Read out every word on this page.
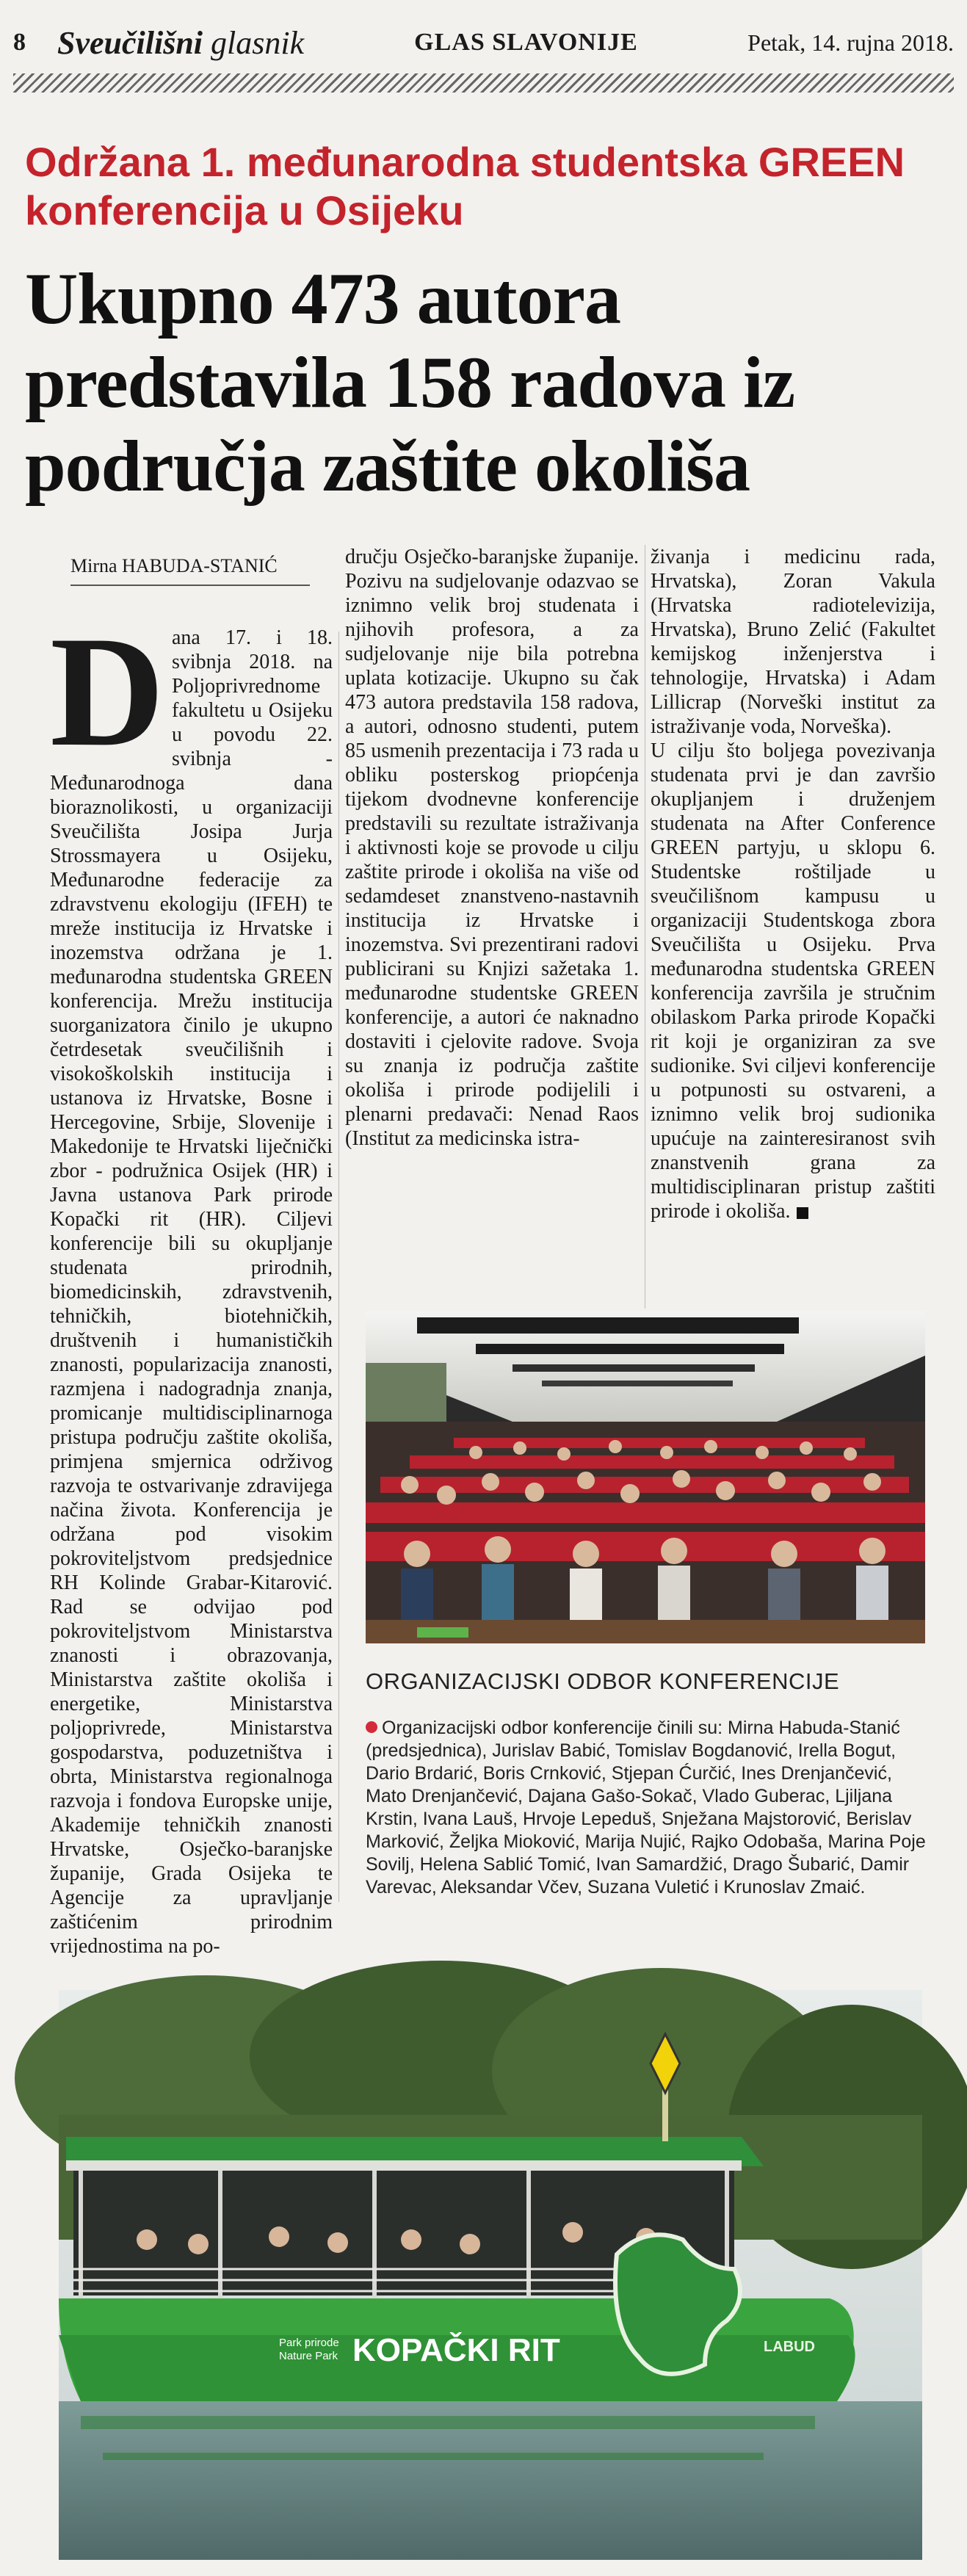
8 Sveučilišni glasnik	GLAS SLAVONIJE	Petak, 14. rujna 2018.
Održana 1. međunarodna studentska GREEN konferencija u Osijeku
Ukupno 473 autora predstavila 158 radova iz područja zaštite okoliša
Mirna HABUDA-STANIĆ

Dana 17. i 18. svibnja 2018. na Poljoprivrednome fakultetu u Osijeku u povodu 22. svibnja - Međunarodnoga dana bioraznolikosti, u organizaciji Sveučilišta Josipa Jurja Strossmayera u Osijeku, Međunarodne federacije za zdravstvenu ekologiju (IFEH) te mreže institucija iz Hrvatske i inozemstva održana je 1. međunarodna studentska GREEN konferencija. Mrežu institucija suorganizatora činilo je ukupno četrdesetak sveučilišnih i visokoškolskih institucija i ustanova iz Hrvatske, Bosne i Hercegovine, Srbije, Slovenije i Makedonije te Hrvatski liječnički zbor - podružnica Osijek (HR) i Javna ustanova Park prirode Kopački rit (HR). Ciljevi konferencije bili su okupljanje studenata prirodnih, biomedicinskih, zdravstvenih, tehničkih, biotehničkih, društvenih i humanističkih znanosti, popularizacija znanosti, razmjena i nadogradnja znanja, promicanje multidisciplinarnoga pristupa području zaštite okoliša, primjena smjernica održivog razvoja te ostvarivanje zdravijega načina života. Konferencija je održana pod visokim pokroviteljstvom predsjednice RH Kolinde Grabar-Kitarović. Rad se odvijao pod pokroviteljstvom Ministarstva znanosti i obrazovanja, Ministarstva zaštite okoliša i energetike, Ministarstva poljoprivrede, Ministarstva gospodarstva, poduzetništva i obrta, Ministarstva regionalnoga razvoja i fondova Europske unije, Akademije tehničkih znanosti Hrvatske, Osječko-baranjske županije, Grada Osijeka te Agencije za upravljanje zaštićenim prirodnim vrijednostima na po-

dručju Osječko-baranjske županije. Pozivu na sudjelovanje odazvao se iznimno velik broj studenata i njihovih profesora, a za sudjelovanje nije bila potrebna uplata kotizacije. Ukupno su čak 473 autora predstavila 158 radova, a autori, odnosno studenti, putem 85 usmenih prezentacija i 73 rada u obliku posterskog priopćenja tijekom dvodnevne konferencije predstavili su rezultate istraživanja i aktivnosti koje se provode u cilju zaštite prirode i okoliša na više od sedamdeset znanstveno-nastavnih institucija iz Hrvatske i inozemstva. Svi prezentirani radovi publicirani su Knjizi sažetaka 1. međunarodne studentske GREEN konferencije, a autori će naknadno dostaviti i cjelovite radove. Svoja su znanja iz područja zaštite okoliša i prirode podijelili i plenarni predavači: Nenad Raos (Institut za medicinska istra-

živanja i medicinu rada, Hrvatska), Zoran Vakula (Hrvatska radiotelevizija, Hrvatska), Bruno Zelić (Fakultet kemijskog inženjerstva i tehnologije, Hrvatska) i Adam Lillicrap (Norveški institut za istraživanje voda, Norveška).

U cilju što boljega povezivanja studenata prvi je dan završio okupljanjem i druženjem studenata na After Conference GREEN partyju, u sklopu 6. Studentske roštiljade u sveučilišnom kampusu u organizaciji Studentskoga zbora Sveučilišta u Osijeku. Prva međunarodna studentska GREEN konferencija završila je stručnim obilaskom Parka prirode Kopački rit koji je organiziran za sve sudionike. Svi ciljevi konferencije u potpunosti su ostvareni, a iznimno velik broj sudionika upućuje na zainteresiranost svih znanstvenih grana za multidisciplinaran pristup zaštiti prirode i okoliša.

ORGANIZACIJSKI ODBOR KONFERENCIJE
Organizacijski odbor konferencije činili su: Mirna Habuda-Stanić (predsjednica), Jurislav Babić, Tomislav Bogdanović, Irella Bogut, Dario Brdarić, Boris Crnković, Stjepan Ćurčić, Ines Drenjančević, Mato Drenjančević, Dajana Gašo-Sokač, Vlado Guberac, Ljiljana Krstin, Ivana Lauš, Hrvoje Lepeduš, Snježana Majstorović, Berislav Marković, Željka Mioković, Marija Nujić, Rajko Odobaša, Marina Poje Sovilj, Helena Sablić Tomić, Ivan Samardžić, Drago Šubarić, Damir Varevac, Aleksandar Včev, Suzana Vuletić i Krunoslav Zmaić.
Park prirode
Nature Park KOPAČKI RIT	LABUD
